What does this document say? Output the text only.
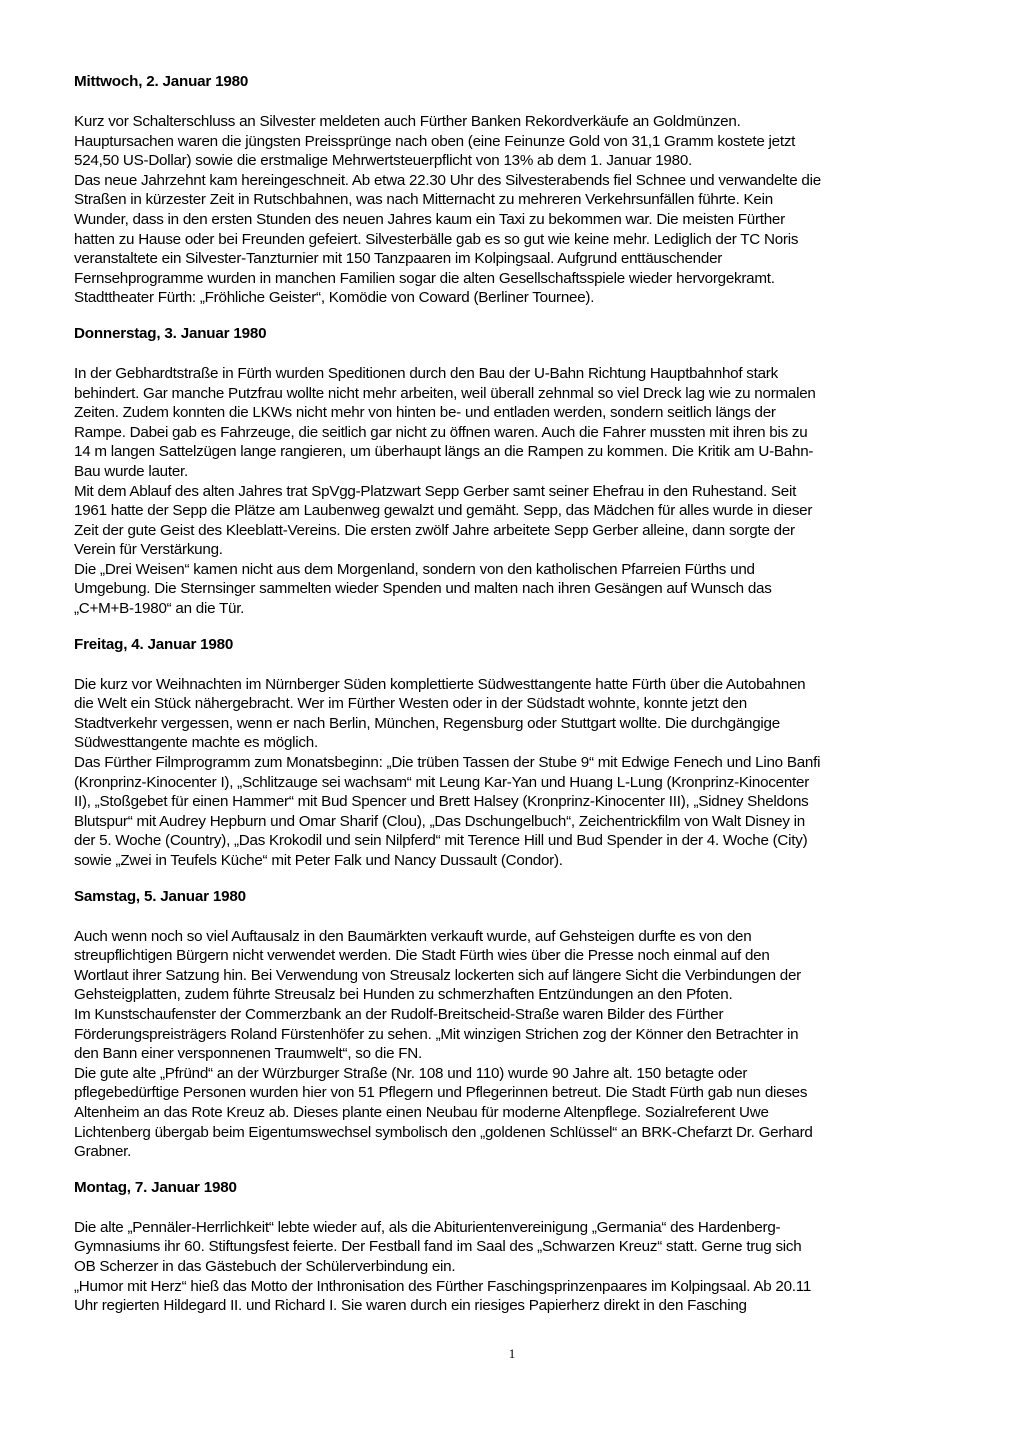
Mittwoch, 2. Januar 1980

Kurz vor Schalterschluss an Silvester meldeten auch Fürther Banken Rekordverkäufe an Goldmünzen.
Hauptursachen waren die jüngsten Preissprünge nach oben (eine Feinunze Gold von 31,1 Gramm kostete jetzt
524,50 US-Dollar) sowie die erstmalige Mehrwertsteuerpflicht von 13% ab dem 1. Januar 1980.
Das neue Jahrzehnt kam hereingeschneit. Ab etwa 22.30 Uhr des Silvesterabends fiel Schnee und verwandelte die
Straßen in kürzester Zeit in Rutschbahnen, was nach Mitternacht zu mehreren Verkehrsunfällen führte. Kein
Wunder, dass in den ersten Stunden des neuen Jahres kaum ein Taxi zu bekommen war. Die meisten Fürther
hatten zu Hause oder bei Freunden gefeiert. Silvesterbälle gab es so gut wie keine mehr. Lediglich der TC Noris
veranstaltete ein Silvester-Tanzturnier mit 150 Tanzpaaren im Kolpingsaal. Aufgrund enttäuschender
Fernsehprogramme wurden in manchen Familien sogar die alten Gesellschaftsspiele wieder hervorgekramt.
Stadttheater Fürth: „Fröhliche Geister“, Komödie von Coward (Berliner Tournee).

Donnerstag, 3. Januar 1980

In der Gebhardtstraße in Fürth wurden Speditionen durch den Bau der U-Bahn Richtung Hauptbahnhof stark
behindert. Gar manche Putzfrau wollte nicht mehr arbeiten, weil überall zehnmal so viel Dreck lag wie zu normalen
Zeiten. Zudem konnten die LKWs nicht mehr von hinten be- und entladen werden, sondern seitlich längs der
Rampe. Dabei gab es Fahrzeuge, die seitlich gar nicht zu öffnen waren. Auch die Fahrer mussten mit ihren bis zu
14 m langen Sattelzügen lange rangieren, um überhaupt längs an die Rampen zu kommen. Die Kritik am U-Bahn-
Bau wurde lauter.
Mit dem Ablauf des alten Jahres trat SpVgg-Platzwart Sepp Gerber samt seiner Ehefrau in den Ruhestand. Seit
1961 hatte der Sepp die Plätze am Laubenweg gewalzt und gemäht. Sepp, das Mädchen für alles wurde in dieser
Zeit der gute Geist des Kleeblatt-Vereins. Die ersten zwölf Jahre arbeitete Sepp Gerber alleine, dann sorgte der
Verein für Verstärkung.
Die „Drei Weisen“ kamen nicht aus dem Morgenland, sondern von den katholischen Pfarreien Fürths und
Umgebung. Die Sternsinger sammelten wieder Spenden und malten nach ihren Gesängen auf Wunsch das
„C+M+B-1980“ an die Tür.

Freitag, 4. Januar 1980

Die kurz vor Weihnachten im Nürnberger Süden komplettierte Südwesttangente hatte Fürth über die Autobahnen
die Welt ein Stück nähergebracht. Wer im Fürther Westen oder in der Südstadt wohnte, konnte jetzt den
Stadtverkehr vergessen, wenn er nach Berlin, München, Regensburg oder Stuttgart wollte. Die durchgängige
Südwesttangente machte es möglich.
Das Fürther Filmprogramm zum Monatsbeginn: „Die trüben Tassen der Stube 9“ mit Edwige Fenech und Lino Banfi
(Kronprinz-Kinocenter I), „Schlitzauge sei wachsam“ mit Leung Kar-Yan und Huang L-Lung (Kronprinz-Kinocenter
II), „Stoßgebet für einen Hammer“ mit Bud Spencer und Brett Halsey (Kronprinz-Kinocenter III), „Sidney Sheldons
Blutspur“ mit Audrey Hepburn und Omar Sharif (Clou), „Das Dschungelbuch“, Zeichentrickfilm von Walt Disney in
der 5. Woche (Country), „Das Krokodil und sein Nilpferd“ mit Terence Hill und Bud Spender in der 4. Woche (City)
sowie „Zwei in Teufels Küche“ mit Peter Falk und Nancy Dussault (Condor).

Samstag, 5. Januar 1980

Auch wenn noch so viel Auftausalz in den Baumärkten verkauft wurde, auf Gehsteigen durfte es von den
streupflichtigen Bürgern nicht verwendet werden. Die Stadt Fürth wies über die Presse noch einmal auf den
Wortlaut ihrer Satzung hin. Bei Verwendung von Streusalz lockerten sich auf längere Sicht die Verbindungen der
Gehsteigplatten, zudem führte Streusalz bei Hunden zu schmerzhaften Entzündungen an den Pfoten.
Im Kunstschaufenster der Commerzbank an der Rudolf-Breitscheid-Straße waren Bilder des Fürther
Förderungspreisträgers Roland Fürstenhöfer zu sehen. „Mit winzigen Strichen zog der Könner den Betrachter in
den Bann einer versponnenen Traumwelt“, so die FN.
Die gute alte „Pfründ“ an der Würzburger Straße (Nr. 108 und 110) wurde 90 Jahre alt. 150 betagte oder
pflegebedürftige Personen wurden hier von 51 Pflegern und Pflegerinnen betreut. Die Stadt Fürth gab nun dieses
Altenheim an das Rote Kreuz ab. Dieses plante einen Neubau für moderne Altenpflege. Sozialreferent Uwe
Lichtenberg übergab beim Eigentumswechsel symbolisch den „goldenen Schlüssel“ an BRK-Chefarzt Dr. Gerhard
Grabner.

Montag, 7. Januar 1980

Die alte „Pennäler-Herrlichkeit“ lebte wieder auf, als die Abiturientenvereinigung „Germania“ des Hardenberg-
Gymnasiums ihr 60. Stiftungsfest feierte. Der Festball fand im Saal des „Schwarzen Kreuz“ statt. Gerne trug sich
OB Scherzer in das Gästebuch der Schülerverbindung ein.
„Humor mit Herz“ hieß das Motto der Inthronisation des Fürther Faschingsprinzenpaares im Kolpingsaal. Ab 20.11
Uhr regierten Hildegard II. und Richard I. Sie waren durch ein riesiges Papierherz direkt in den Fasching

1
